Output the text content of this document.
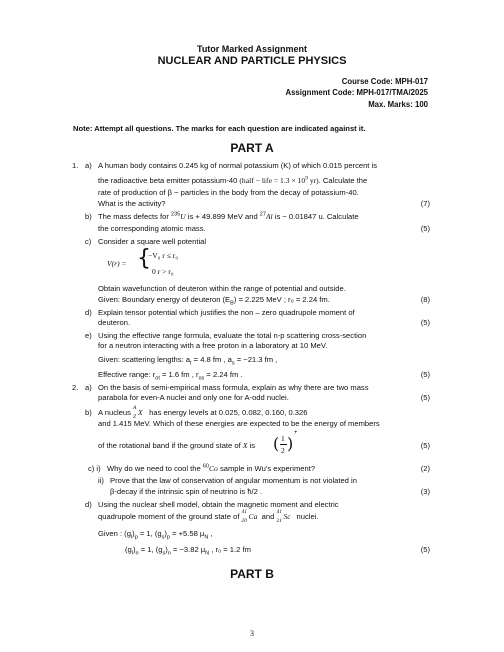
Tutor Marked Assignment
NUCLEAR AND PARTICLE PHYSICS
Course Code: MPH-017
Assignment Code: MPH-017/TMA/2025
Max. Marks: 100
Note: Attempt all questions. The marks for each question are indicated against it.
PART A
1. a) A human body contains 0.245 kg of normal potassium (K) of which 0.015 percent is
the radioactive beta emitter potassium-40 (half − life = $1.3 \times 10^9$ yr). Calculate the
rate of production of β − particles in the body from the decay of potassium-40.
What is the activity?	(7)
b) The mass defects for $^{235}$U is + 49.899 MeV and $^{27}$Al is − 0.01847 u. Calculate
the corresponding atomic mass.	(5)
c) Consider a square well potential
V(r) = {
−V₀ r ≤ r₀
0 r > r₀
Obtain wavefunction of deuteron within the range of potential and outside.
Given: Boundary energy of deuteron $(E_B) = 2.225$ MeV ; r₀ = 2.24 fm.	(8)
d) Explain tensor potential which justifies the non – zero quadrupole moment of
deuteron.	(5)
e) Using the effective range formula, evaluate the total n-p scattering cross-section
for a neutron interacting with a free proton in a laboratory at 10 MeV.
Given: scattering lengths: $a_t = 4.8$ fm , $a_s = -21.3$ fm ,
Effective range: $r_{ot} = 1.6$ fm , $r_{os} = 2.24$ fm .	(5)
2. a) On the basis of semi-empirical mass formula, explain as why there are two mass
parabola for even-A nuclei and only one for A-odd nuclei.	(5)
b) A nucleus A
Z X has energy levels at 0.025, 0.082, 0.160, 0.326
and 1.415 MeV. Which of these energies are expected to be the energy of members
of the rotational band if the ground state of X is ( 1
2 )
+
(5)
c) i) Why do we need to cool the $^{60}$Co sample in Wu’s experiment?	(2)
ii) Prove that the law of conservation of angular momentum is not violated in
β-decay if the intrinsic spin of neutrino is ħ/2 .	(3)
d) Using the nuclear shell model, obtain the magnetic moment and electric
quadrupole moment of the ground state of 41
20 Ca and 41
21 Sc nuclei.
Given : $(g_l)_p = 1$, $(g_s)_p = +5.58$ $\mu_N$ ,
$(g_l)_n = 1$, $(g_s)_n = -3.82$ $\mu_N$ , r₀ = 1.2 fm	(5)
PART B
3
